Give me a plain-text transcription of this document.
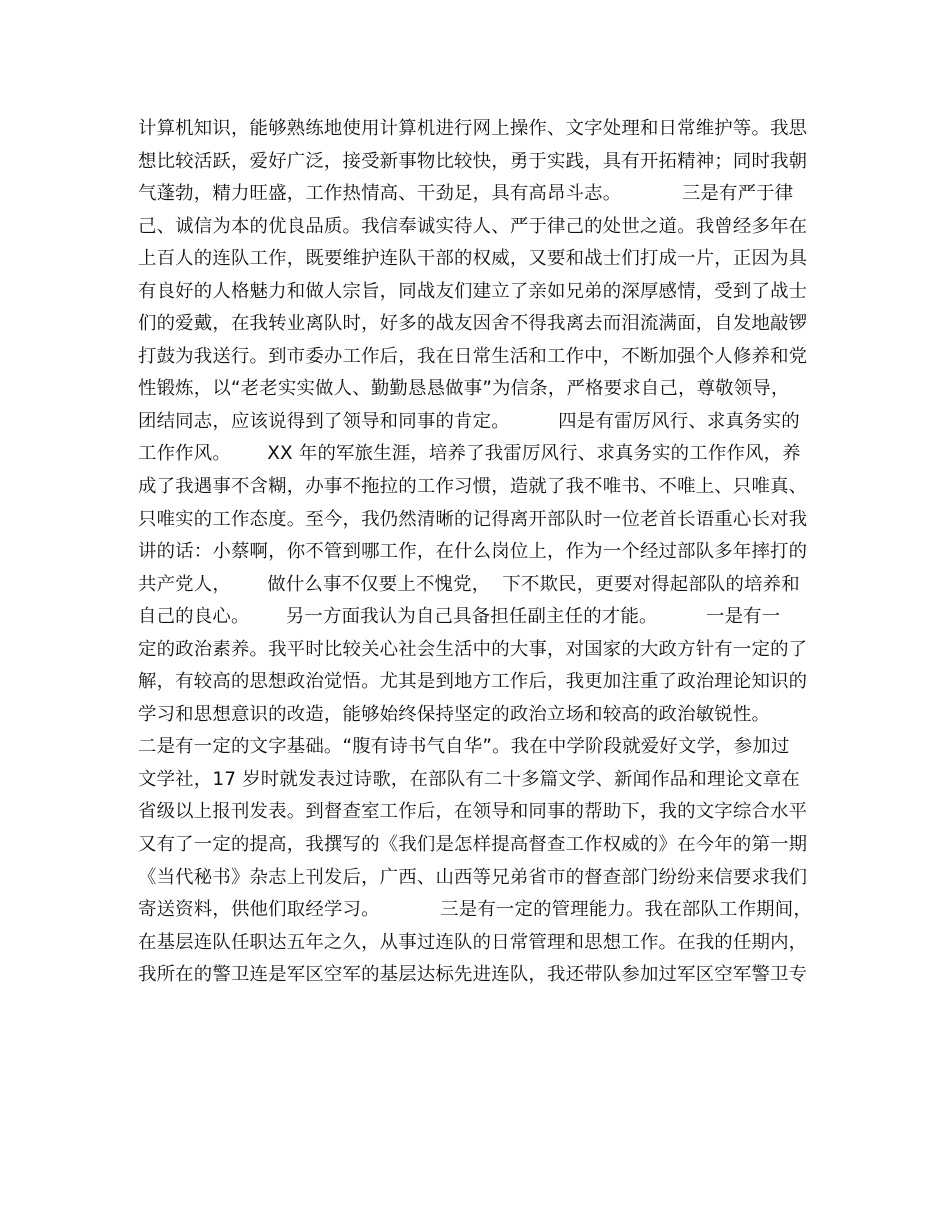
计算机知识，能够熟练地使用计算机进行网上操作、文字处理和日常维护等。我思
想比较活跃，爱好广泛，接受新事物比较快，勇于实践，具有开拓精神；同时我朝
气蓬勃，精力旺盛，工作热情高、干劲足，具有高昂斗志。          三是有严于律
己、诚信为本的优良品质。我信奉诚实待人、严于律己的处世之道。我曾经多年在
上百人的连队工作，既要维护连队干部的权威，又要和战士们打成一片，正因为具
有良好的人格魅力和做人宗旨，同战友们建立了亲如兄弟的深厚感情，受到了战士
们的爱戴，在我转业离队时，好多的战友因舍不得我离去而泪流满面，自发地敲锣
打鼓为我送行。到市委办工作后，我在日常生活和工作中，不断加强个人修养和党
性锻炼，以“老老实实做人、勤勤恳恳做事”为信条，严格要求自己，尊敬领导，
团结同志，应该说得到了领导和同事的肯定。        四是有雷厉风行、求真务实的
工作作风。      XX 年的军旅生涯，培养了我雷厉风行、求真务实的工作作风，养
成了我遇事不含糊，办事不拖拉的工作习惯，造就了我不唯书、不唯上、只唯真、
只唯实的工作态度。至今，我仍然清晰的记得离开部队时一位老首长语重心长对我
讲的话：小蔡啊，你不管到哪工作，在什么岗位上，作为一个经过部队多年摔打的
共产党人，      做什么事不仅要上不愧党，  下不欺民，更要对得起部队的培养和
自己的良心。      另一方面我认为自己具备担任副主任的才能。        一是有一
定的政治素养。我平时比较关心社会生活中的大事，对国家的大政方针有一定的了
解，有较高的思想政治觉悟。尤其是到地方工作后，我更加注重了政治理论知识的
学习和思想意识的改造，能够始终保持坚定的政治立场和较高的政治敏锐性。
二是有一定的文字基础。“腹有诗书气自华”。我在中学阶段就爱好文学，参加过
文学社，17 岁时就发表过诗歌，在部队有二十多篇文学、新闻作品和理论文章在
省级以上报刊发表。到督查室工作后，在领导和同事的帮助下，我的文字综合水平
又有了一定的提高，我撰写的《我们是怎样提高督查工作权威的》在今年的第一期
《当代秘书》杂志上刊发后，广西、山西等兄弟省市的督查部门纷纷来信要求我们
寄送资料，供他们取经学习。          三是有一定的管理能力。我在部队工作期间，
在基层连队任职达五年之久，从事过连队的日常管理和思想工作。在我的任期内，
我所在的警卫连是军区空军的基层达标先进连队，我还带队参加过军区空军警卫专
